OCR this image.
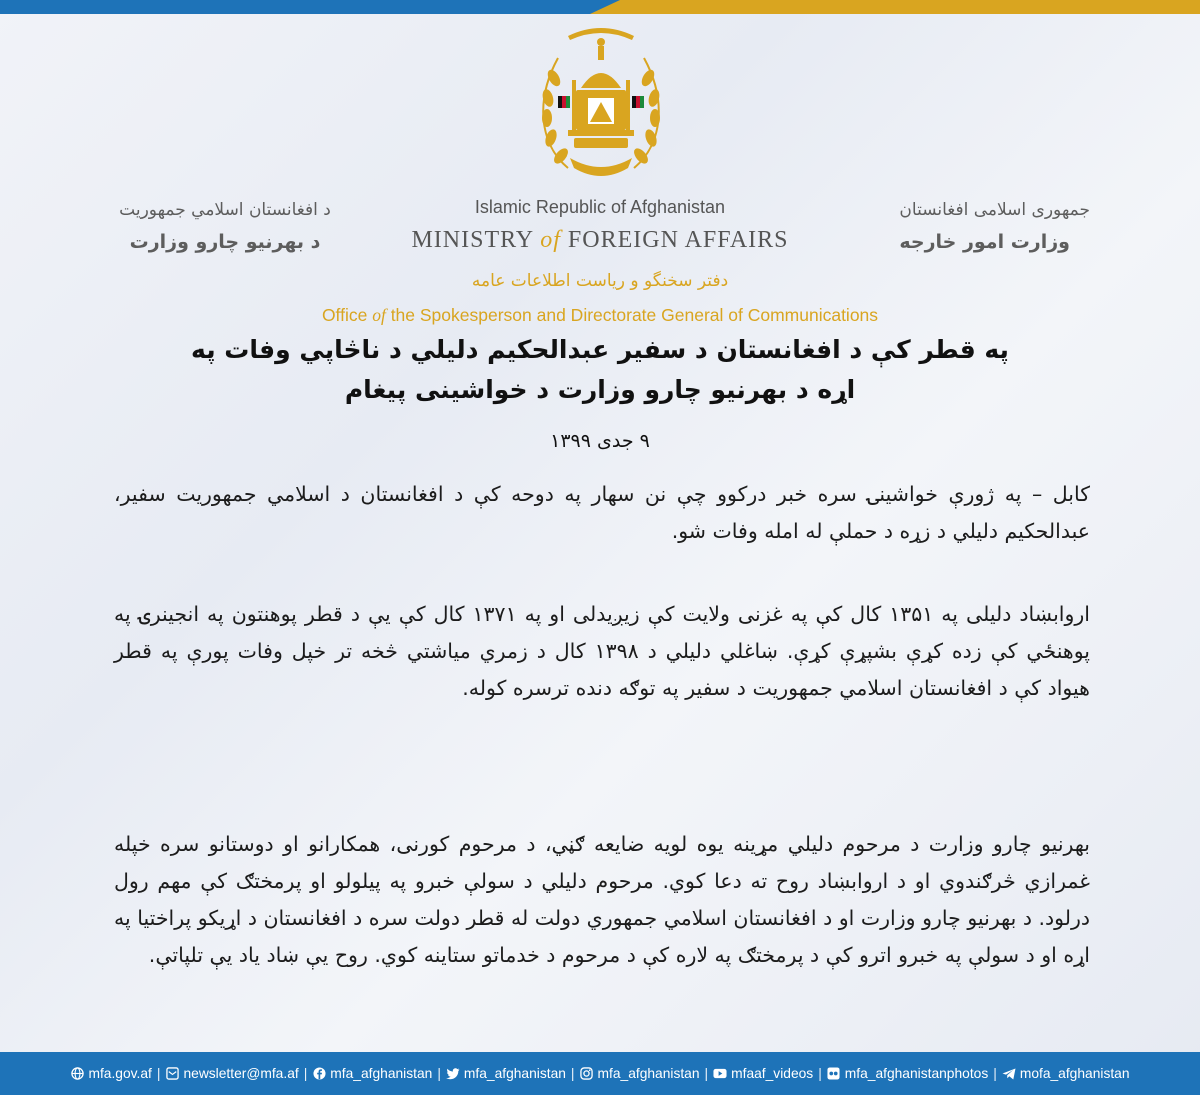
د افغانستان اسلامي جمهوریت
د بهرنیو چارو وزارت
Islamic Republic of Afghanistan
MINISTRY of FOREIGN AFFAIRS
جمهوری اسلامی افغانستان
وزارت امور خارجه
دفتر سخنگو و ریاست اطلاعات عامه
Office of the Spokesperson and Directorate General of Communications
په قطر کې د افغانستان د سفیر عبدالحکیم دلیلي د ناڅاپي وفات په اړه د بهرنیو چارو وزارت د خواشینی پیغام
۹ جدی ۱۳۹۹
کابل – په ژورې خواشینۍ سره خبر درکوو چې نن سهار په دوحه کې د افغانستان د اسلامي جمهوریت سفیر، عبدالحکیم دلیلي د زړه د حملې له امله وفات شو.
اروابښاد دلیلی په ۱۳۵۱ کال کې په غزنی ولایت کې زیږیدلی او په ۱۳۷۱ کال کې یې د قطر پوهنتون په انجینرۍ په پوهنځي کې زده کړې بشپړې کړې. ښاغلي دلیلي د ۱۳۹۸ کال د زمري میاشتي څخه تر خپل وفات پورې په قطر هیواد کې د افغانستان اسلامي جمهوریت د سفیر په توګه دنده ترسره کوله.
بهرنیو چارو وزارت د مرحوم دلیلي مړینه یوه لویه ضایعه ګڼي، د مرحوم کورنی، همکارانو او دوستانو سره خپله غمرازي څرګندوي او د اروابښاد روح ته دعا کوي. مرحوم دلیلي د سولې خبرو په پیلولو او پرمختګ کې مهم رول درلود. د بهرنیو چارو وزارت او د افغانستان اسلامي جمهوري دولت له قطر دولت سره د افغانستان د اړیکو پراختیا په اړه او د سولې په خبرو اترو کې د پرمختګ په لاره کې د مرحوم د خدماتو ستاینه کوي. روح یې ښاد یاد یې تلپاتې.
mfa.gov.af | newsletter@mfa.af | mfa_afghanistan | mfa_afghanistan | mfa_afghanistan | mfaaf_videos | mfa_afghanistanphotos | mofa_afghanistan
